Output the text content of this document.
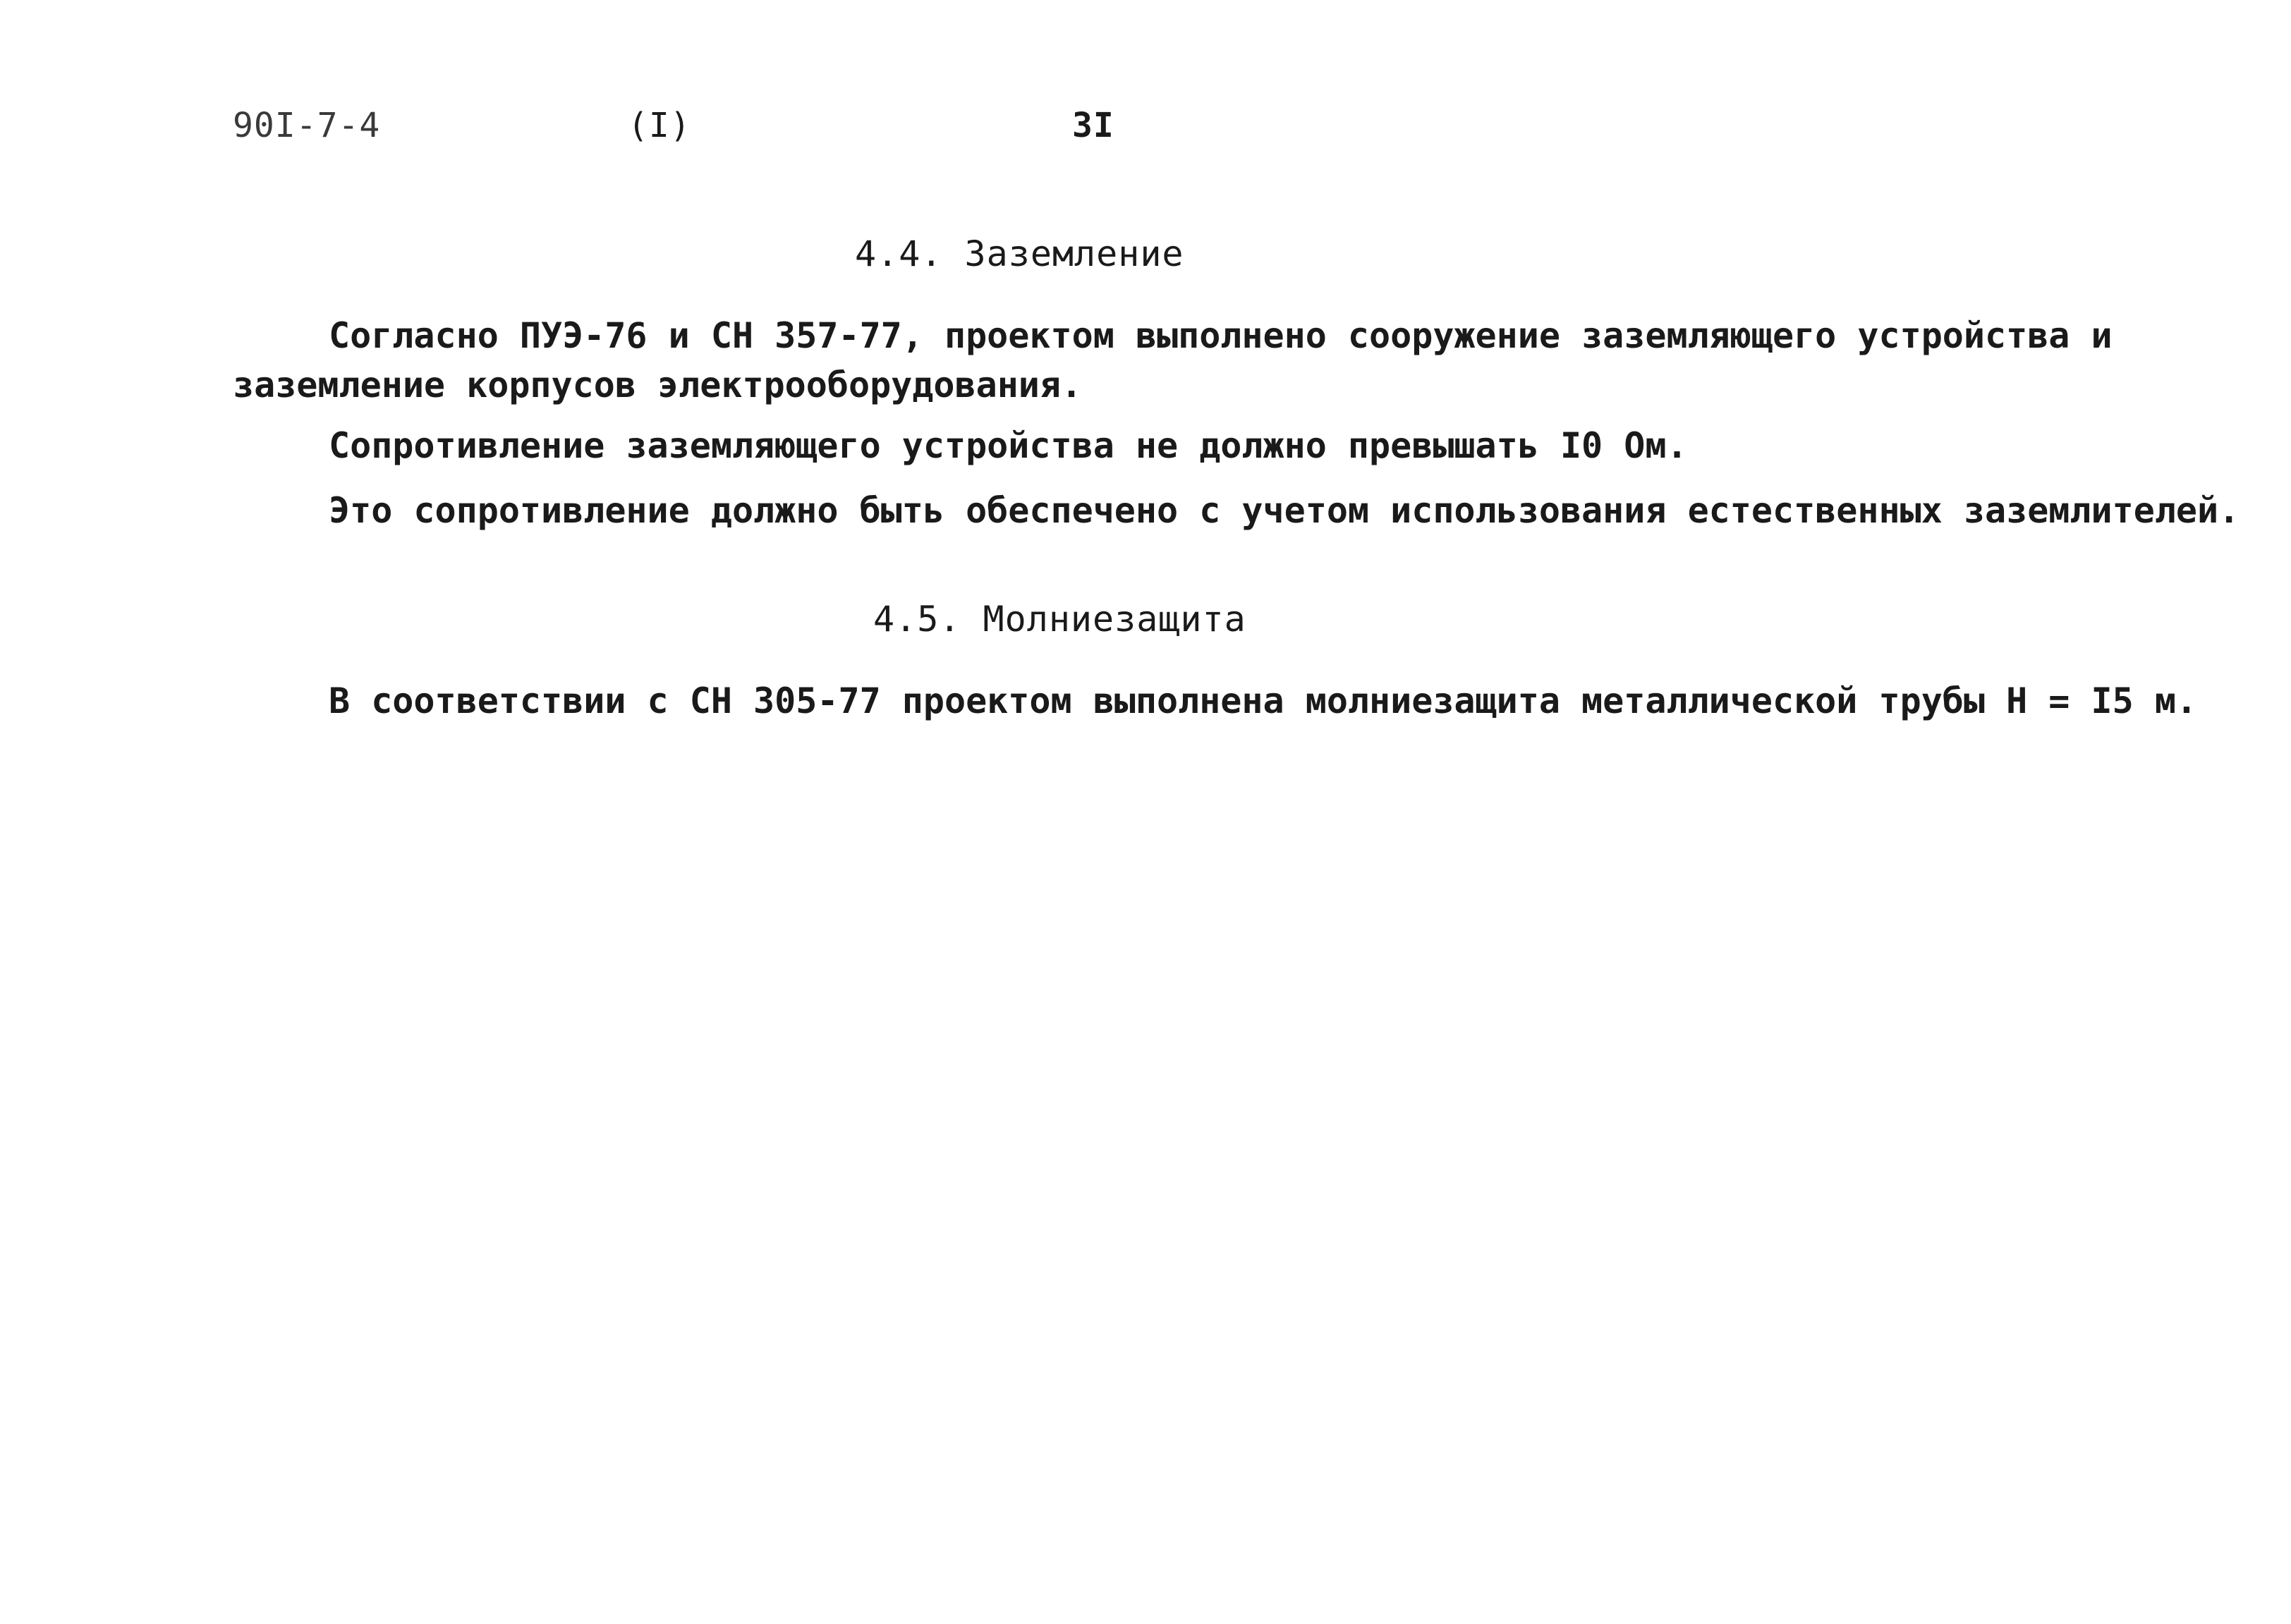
90I-7-4	(I)	3I
4.4. Заземление
Согласно ПУЭ-76 и СН 357-77, проектом выполнено сооружение заземляющего устройства и
заземление корпусов электрооборудования.
Сопротивление заземляющего устройства не должно превышать I0 Ом.
Это сопротивление должно быть обеспечено с учетом использования естественных заземлителей.
4.5. Молниезащита
В соответствии с СН 305-77 проектом выполнена молниезащита металлической трубы H = I5 м.
